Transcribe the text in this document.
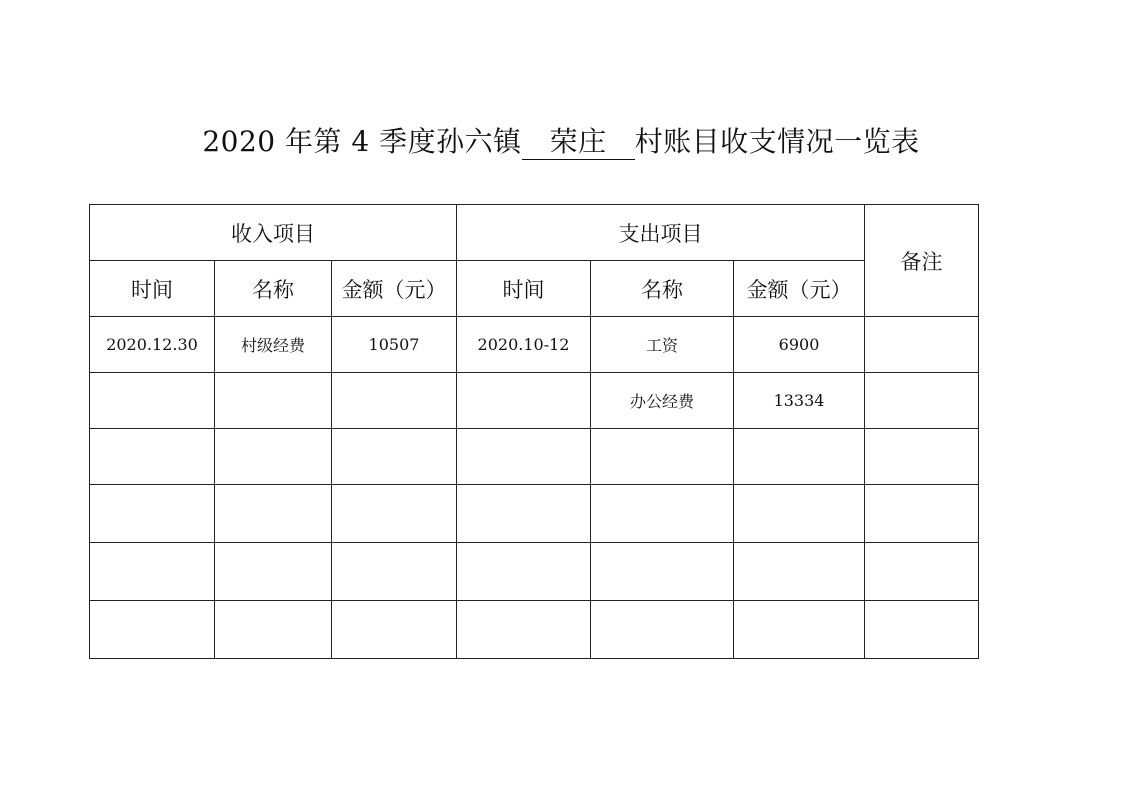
2020 年第 4 季度孙六镇 荣庄 村账目收支情况一览表
收入项目			支出项目			备注
时间	名称	金额（元）	时间	名称	金额（元）	
2020.12.30	村级经费	10507	2020.10-12	工资	6900	
				办公经费	13334	
